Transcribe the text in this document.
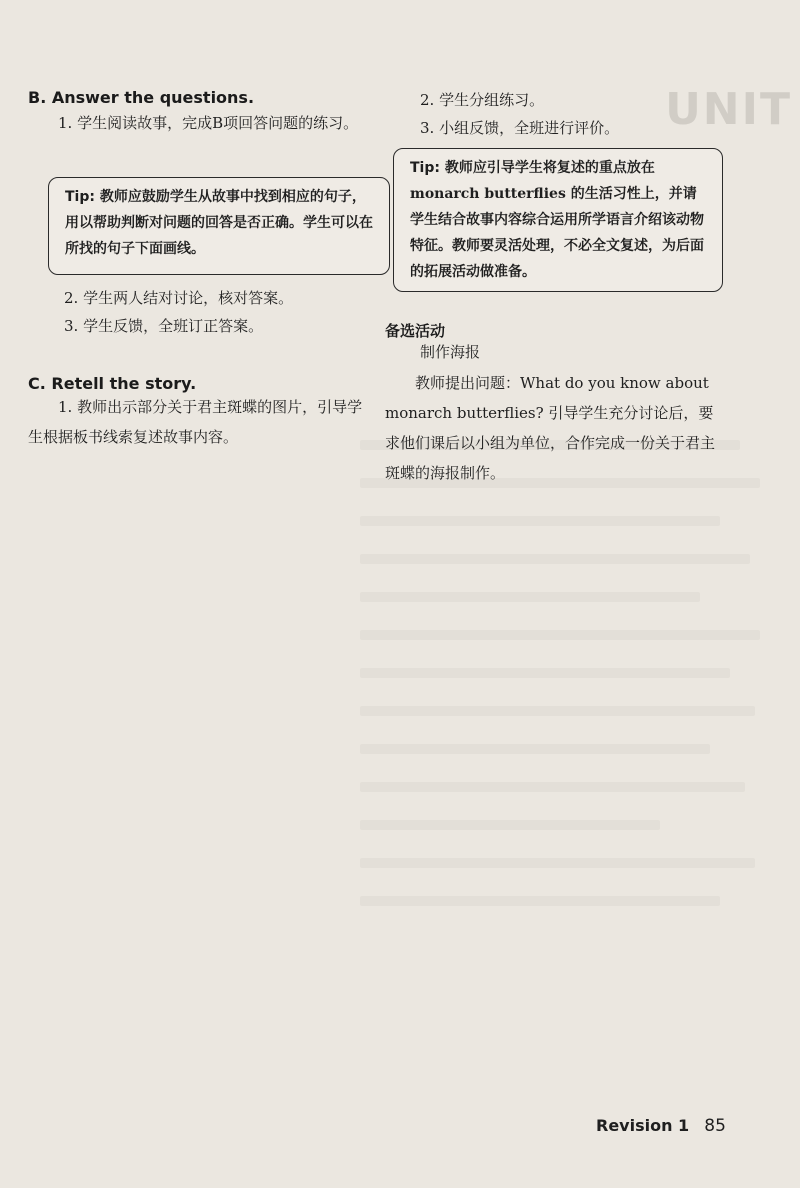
UNIT
B. Answer the questions.

1. 学生阅读故事，完成B项回答问题的练习。

Tip: 教师应鼓励学生从故事中找到相应的句子，用以帮助判断对问题的回答是否正确。学生可以在所找的句子下面画线。
2. 学生两人结对讨论，核对答案。
3. 学生反馈，全班订正答案。
C. Retell the story.

1. 教师出示部分关于君主斑蝶的图片，引导学生根据板书线索复述故事内容。

2. 学生分组练习。
3. 小组反馈，全班进行评价。
Tip: 教师应引导学生将复述的重点放在 monarch butterflies 的生活习性上，并请学生结合故事内容综合运用所学语言介绍该动物特征。教师要灵活处理，不必全文复述，为后面的拓展活动做准备。
备选活动
制作海报

教师提出问题：What do you know about monarch butterflies? 引导学生充分讨论后，要求他们课后以小组为单位，合作完成一份关于君主斑蝶的海报制作。

Revision 1 85
